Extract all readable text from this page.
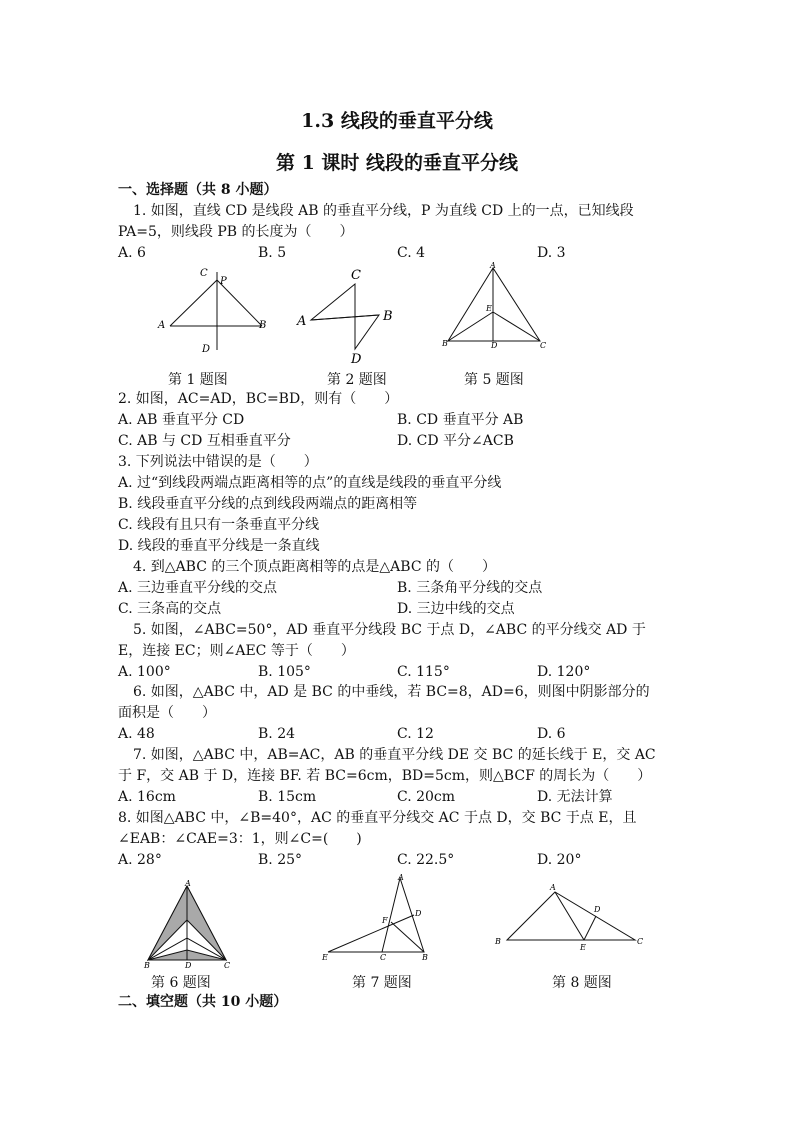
1.3 线段的垂直平分线
第 1 课时 线段的垂直平分线
一、选择题（共 8 小题）
1. 如图，直线 CD 是线段 AB 的垂直平分线，P 为直线 CD 上的一点，已知线段
PA=5，则线段 PB 的长度为（　　）
A. 6	B. 5	C. 4	D. 3
C
P
A	B
D
C
A	B
D
A
E
B	D	C
第 1 题图	第 2 题图	第 5 题图
2. 如图，AC=AD，BC=BD，则有（　　）
A. AB 垂直平分 CD	B. CD 垂直平分 AB
C. AB 与 CD 互相垂直平分	D. CD 平分∠ACB
3. 下列说法中错误的是（　　）
A. 过“到线段两端点距离相等的点”的直线是线段的垂直平分线
B. 线段垂直平分线的点到线段两端点的距离相等
C. 线段有且只有一条垂直平分线
D. 线段的垂直平分线是一条直线
4. 到△ABC 的三个顶点距离相等的点是△ABC 的（　　）
A. 三边垂直平分线的交点	B. 三条角平分线的交点
C. 三条高的交点	D. 三边中线的交点
5. 如图，∠ABC=50°，AD 垂直平分线段 BC 于点 D，∠ABC 的平分线交 AD 于
E，连接 EC；则∠AEC 等于（　　）
A. 100°	B. 105°	C. 115°	D. 120°
6. 如图，△ABC 中，AD 是 BC 的中垂线，若 BC=8，AD=6，则图中阴影部分的
面积是（　　）
A. 48	B. 24	C. 12	D. 6
7. 如图，△ABC 中，AB=AC，AB 的垂直平分线 DE 交 BC 的延长线于 E，交 AC
于 F，交 AB 于 D，连接 BF. 若 BC=6cm，BD=5cm，则△BCF 的周长为（　　）
A. 16cm	B. 15cm	C. 20cm	D. 无法计算
8. 如图△ABC 中，∠B=40°，AC 的垂直平分线交 AC 于点 D，交 BC 于点 E，且
∠EAB：∠CAE=3：1，则∠C=(　　)
A. 28°	B. 25°	C. 22.5°	D. 20°
A
B	D	C
A
F
D
E	C	B
A
D
B
E
C
第 6 题图	第 7 题图	第 8 题图
二、填空题（共 10 小题）
